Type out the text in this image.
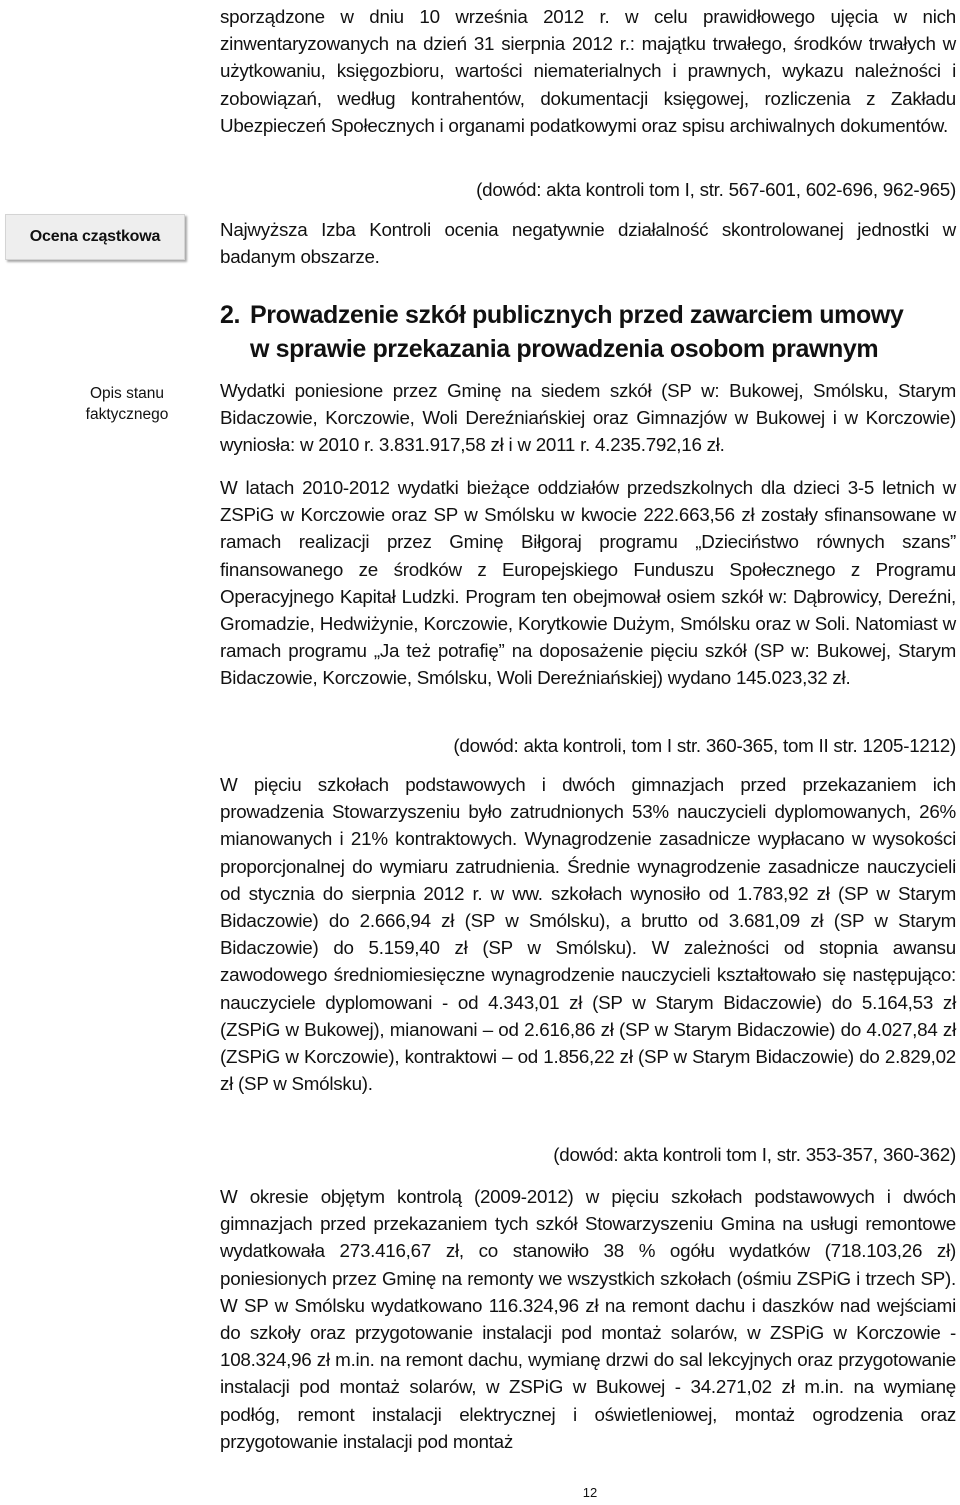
Ocena cząstkowa
Opis stanu
faktycznego

sporządzone w dniu 10 września 2012 r. w celu prawidłowego ujęcia w nich zinwentaryzowanych na dzień 31 sierpnia 2012 r.: majątku trwałego, środków trwałych w użytkowaniu, księgozbioru, wartości niematerialnych i prawnych, wykazu należności i zobowiązań, według kontrahentów, dokumentacji księgowej, rozliczenia z Zakładu Ubezpieczeń Społecznych i organami podatkowymi oraz spisu archiwalnych dokumentów.

(dowód: akta kontroli tom I, str. 567-601, 602-696, 962-965)

Najwyższa Izba Kontroli ocenia negatywnie działalność skontrolowanej jednostki w badanym obszarze.

2. Prowadzenie szkół publicznych przed zawarciem umowy
w sprawie przekazania prowadzenia osobom prawnym

Wydatki poniesione przez Gminę na siedem szkół (SP w: Bukowej, Smólsku, Starym Bidaczowie, Korczowie, Woli Dereźniańskiej oraz Gimnazjów w Bukowej i w Korczowie) wyniosła: w 2010 r. 3.831.917,58 zł i w 2011 r. 4.235.792,16 zł.

W latach 2010-2012 wydatki bieżące oddziałów przedszkolnych dla dzieci 3-5 letnich w ZSPiG w Korczowie oraz SP w Smólsku w kwocie 222.663,56 zł zostały sfinansowane w ramach realizacji przez Gminę Biłgoraj programu „Dzieciństwo równych szans” finansowanego ze środków z Europejskiego Funduszu Społecznego z Programu Operacyjnego Kapitał Ludzki. Program ten obejmował osiem szkół w: Dąbrowicy, Dereźni, Gromadzie, Hedwiżynie, Korczowie, Korytkowie Dużym, Smólsku oraz w Soli. Natomiast w ramach programu „Ja też potrafię” na doposażenie pięciu szkół (SP w: Bukowej, Starym Bidaczowie, Korczowie, Smólsku, Woli Dereźniańskiej) wydano 145.023,32 zł.

(dowód: akta kontroli, tom I str. 360-365, tom II str. 1205-1212)

W pięciu szkołach podstawowych i dwóch gimnazjach przed przekazaniem ich prowadzenia Stowarzyszeniu było zatrudnionych 53% nauczycieli dyplomowanych, 26% mianowanych i 21% kontraktowych. Wynagrodzenie zasadnicze wypłacano w wysokości proporcjonalnej do wymiaru zatrudnienia. Średnie wynagrodzenie zasadnicze nauczycieli od stycznia do sierpnia 2012 r. w ww. szkołach wynosiło od 1.783,92 zł (SP w Starym Bidaczowie) do 2.666,94 zł (SP w Smólsku), a brutto od 3.681,09 zł (SP w Starym Bidaczowie) do 5.159,40 zł (SP w Smólsku). W zależności od stopnia awansu zawodowego średniomiesięczne wynagrodzenie nauczycieli kształtowało się następująco: nauczyciele dyplomowani - od 4.343,01 zł (SP w Starym Bidaczowie) do 5.164,53 zł (ZSPiG w Bukowej), mianowani – od 2.616,86 zł (SP w Starym Bidaczowie) do 4.027,84 zł (ZSPiG w Korczowie), kontraktowi – od 1.856,22 zł (SP w Starym Bidaczowie) do 2.829,02 zł (SP w Smólsku).

(dowód: akta kontroli tom I, str. 353-357, 360-362)

W okresie objętym kontrolą (2009-2012) w pięciu szkołach podstawowych i dwóch gimnazjach przed przekazaniem tych szkół Stowarzyszeniu Gmina na usługi remontowe wydatkowała 273.416,67 zł, co stanowiło 38 % ogółu wydatków (718.103,26 zł) poniesionych przez Gminę na remonty we wszystkich szkołach (ośmiu ZSPiG i trzech SP). W SP w Smólsku wydatkowano 116.324,96 zł na remont dachu i daszków nad wejściami do szkoły oraz przygotowanie instalacji pod montaż solarów, w ZSPiG w Korczowie - 108.324,96 zł m.in. na remont dachu, wymianę drzwi do sal lekcyjnych oraz przygotowanie instalacji pod montaż solarów, w ZSPiG w Bukowej - 34.271,02 zł m.in. na wymianę podłóg, remont instalacji elektrycznej i oświetleniowej, montaż ogrodzenia oraz przygotowanie instalacji pod montaż

12
